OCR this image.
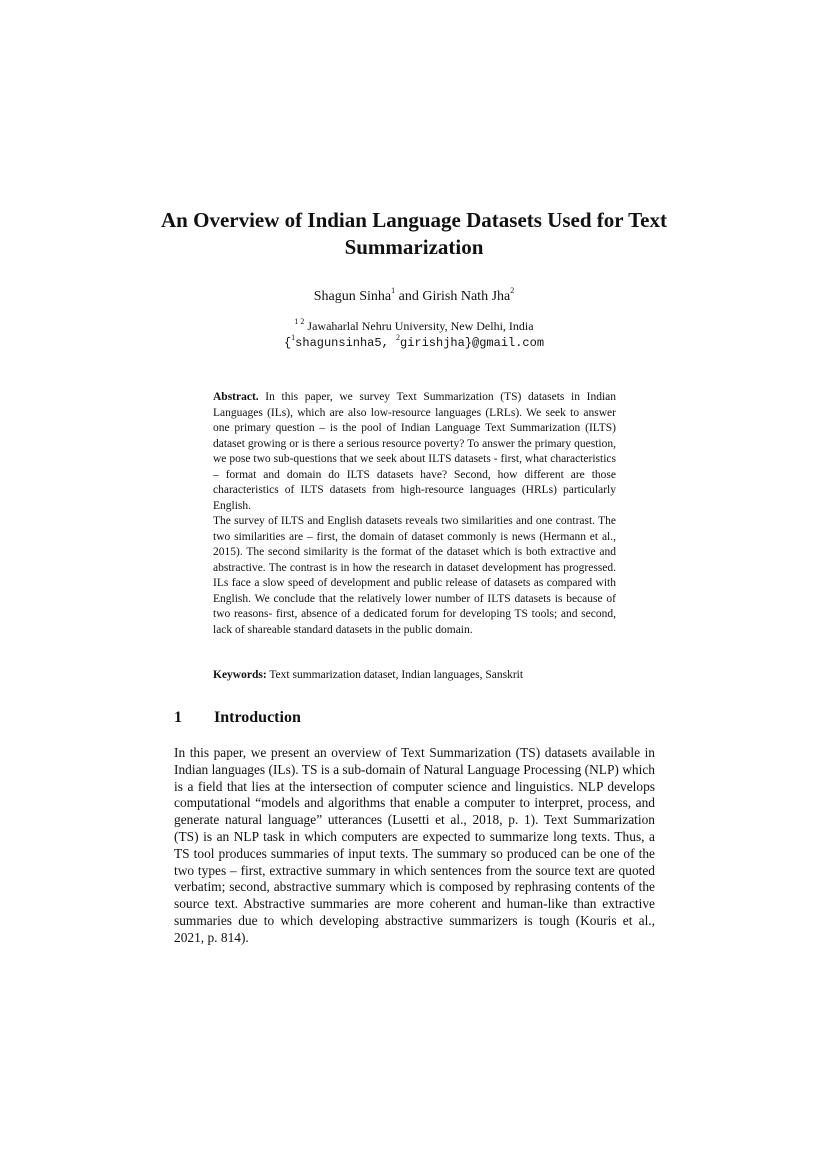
An Overview of Indian Language Datasets Used for Text Summarization
Shagun Sinha$^1$ and Girish Nath Jha$^2$
$^{1 2}$ Jawaharlal Nehru University, New Delhi, India
{$^1$shagunsinha5, $^2$girishjha}@gmail.com

Abstract. In this paper, we survey Text Summarization (TS) datasets in Indian Languages (ILs), which are also low-resource languages (LRLs). We seek to answer one primary question – is the pool of Indian Language Text Summarization (ILTS) dataset growing or is there a serious resource poverty? To answer the primary question, we pose two sub-questions that we seek about ILTS datasets - first, what characteristics – format and domain do ILTS datasets have? Second, how different are those characteristics of ILTS datasets from high-resource languages (HRLs) particularly English.

The survey of ILTS and English datasets reveals two similarities and one contrast. The two similarities are – first, the domain of dataset commonly is news (Hermann et al., 2015). The second similarity is the format of the dataset which is both extractive and abstractive. The contrast is in how the research in dataset development has progressed. ILs face a slow speed of development and public release of datasets as compared with English. We conclude that the relatively lower number of ILTS datasets is because of two reasons- first, absence of a dedicated forum for developing TS tools; and second, lack of shareable standard datasets in the public domain.

Keywords: Text summarization dataset, Indian languages, Sanskrit
1 Introduction

In this paper, we present an overview of Text Summarization (TS) datasets available in Indian languages (ILs). TS is a sub-domain of Natural Language Processing (NLP) which is a field that lies at the intersection of computer science and linguistics. NLP develops computational “models and algorithms that enable a computer to interpret, process, and generate natural language” utterances (Lusetti et al., 2018, p. 1). Text Summarization (TS) is an NLP task in which computers are expected to summarize long texts. Thus, a TS tool produces summaries of input texts. The summary so produced can be one of the two types – first, extractive summary in which sentences from the source text are quoted verbatim; second, abstractive summary which is composed by rephrasing contents of the source text. Abstractive summaries are more coherent and human-like than extractive summaries due to which developing abstractive summarizers is tough (Kouris et al., 2021, p. 814).
